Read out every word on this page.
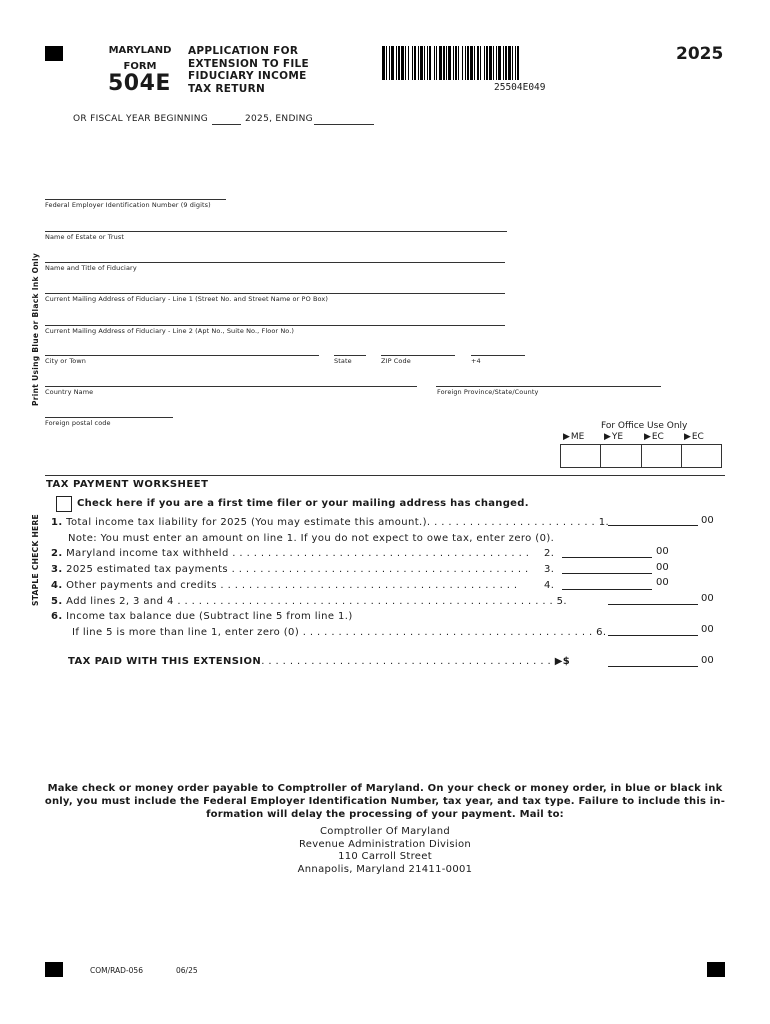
MARYLAND
FORM
504E
APPLICATION FOR
EXTENSION TO FILE
FIDUCIARY INCOME
TAX RETURN	25504E049
2025
OR FISCAL YEAR BEGINNING	2025, ENDING
Print Using Blue or Black Ink Only
STAPLE CHECK HERE
Federal Employer Identification Number (9 digits)
Name of Estate or Trust
Name and Title of Fiduciary
Current Mailing Address of Fiduciary - Line 1 (Street No. and Street Name or PO Box)
Current Mailing Address of Fiduciary - Line 2 (Apt No., Suite No., Floor No.)
City or Town	State	ZIP Code	+4
Country Name	Foreign Province/State/County
Foreign postal code	For Office Use Only
▶ ME ▶ YE ▶ EC ▶ EC
TAX PAYMENT WORKSHEET
Check here if you are a first time filer or your mailing address has changed.
1. Total income tax liability for 2025 (You may estimate this amount.). . . . . . . . . . . . . . . . . . . . . . . . 1.	00
Note: You must enter an amount on line 1. If you do not expect to owe tax, enter zero (0).
2. Maryland income tax withheld . . . . . . . . . . . . . . . . . . . . . . . . . . . . . . . . . . . . . . . . . . 2.	00
3. 2025 estimated tax payments . . . . . . . . . . . . . . . . . . . . . . . . . . . . . . . . . . . . . . . . . . 3.	00
4. Other payments and credits . . . . . . . . . . . . . . . . . . . . . . . . . . . . . . . . . . . . . . . . . .	4.	00
5. Add lines 2, 3 and 4 . . . . . . . . . . . . . . . . . . . . . . . . . . . . . . . . . . . . . . . . . . . . . . . . . . . . . 5.	00
6. Income tax balance due (Subtract line 5 from line 1.)
If line 5 is more than line 1, enter zero (0) . . . . . . . . . . . . . . . . . . . . . . . . . . . . . . . . . . . . . . . . . 6.	00
TAX PAID WITH THIS EXTENSION. . . . . . . . . . . . . . . . . . . . . . . . . . . . . . . . . . . . . . . . . ▶$	00
Make check or money order payable to Comptroller of Maryland. On your check or money order, in blue or black ink
only, you must include the Federal Employer Identification Number, tax year, and tax type. Failure to include this in-
formation will delay the processing of your payment. Mail to:
Comptroller Of Maryland
Revenue Administration Division
110 Carroll Street
Annapolis, Maryland 21411-0001
COM/RAD-056	06/25
